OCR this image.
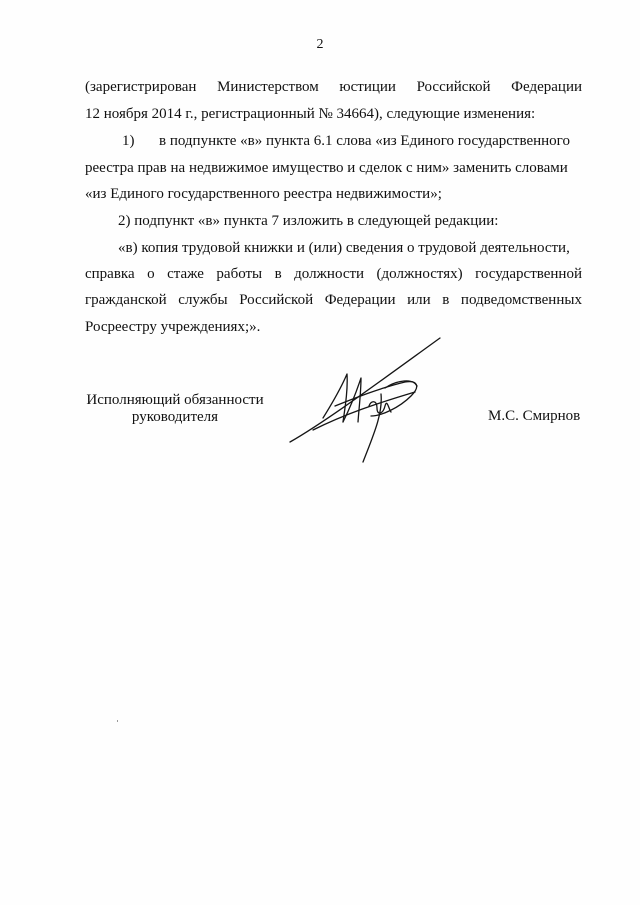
2
(зарегистрирован Министерством юстиции Российской Федерации
12 ноября 2014 г., регистрационный № 34664), следующие изменения:
1) в подпункте «в» пункта 6.1 слова «из Единого государственного
реестра прав на недвижимое имущество и сделок с ним» заменить словами
«из Единого государственного реестра недвижимости»;
2) подпункт «в» пункта 7 изложить в следующей редакции:
«в) копия трудовой книжки и (или) сведения о трудовой деятельности,
справка о стаже работы в должности (должностях) государственной
гражданской службы Российской Федерации или в подведомственных
Росреестру учреждениях;».
Исполняющий обязанности
руководителя	М.С. Смирнов
